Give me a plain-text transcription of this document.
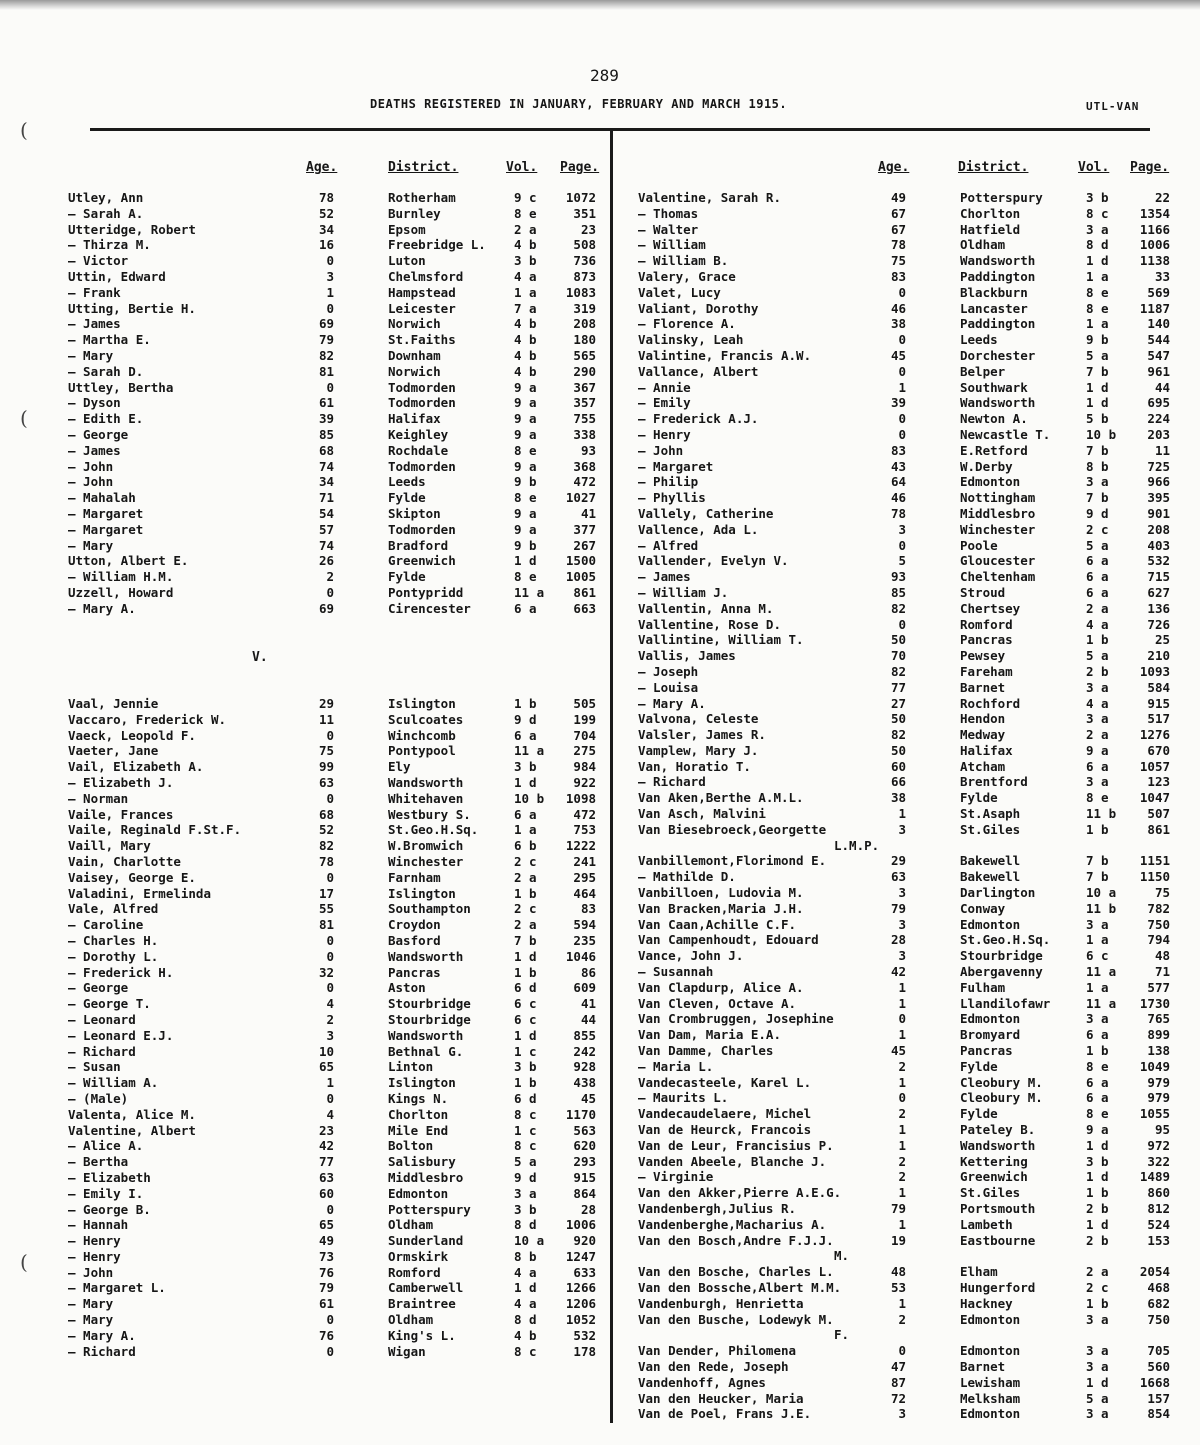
289
DEATHS REGISTERED IN JANUARY, FEBRUARY AND MARCH 1915.	UTL-VAN
(
(
(
Age.	District.	Vol. Page.
Utley, Ann	78	Rotherham	9 c	1072
— Sarah A.	52	Burnley	8 e	351
Utteridge, Robert	34	Epsom	2 a	23
— Thirza M.	16	Freebridge L. 4 b	508
— Victor	0	Luton	3 b	736
Uttin, Edward	3	Chelmsford	4 a	873
— Frank	1	Hampstead	1 a	1083
Utting, Bertie H.	0	Leicester	7 a	319
— James	69	Norwich	4 b	208
— Martha E.	79	St.Faiths	4 b	180
— Mary	82	Downham	4 b	565
— Sarah D.	81	Norwich	4 b	290
Uttley, Bertha	0	Todmorden	9 a	367
— Dyson	61	Todmorden	9 a	357
— Edith E.	39	Halifax	9 a	755
— George	85	Keighley	9 a	338
— James	68	Rochdale	8 e	93
— John	74	Todmorden	9 a	368
— John	34	Leeds	9 b	472
— Mahalah	71	Fylde	8 e	1027
— Margaret	54	Skipton	9 a	41
— Margaret	57	Todmorden	9 a	377
— Mary	74	Bradford	9 b	267
Utton, Albert E.	26	Greenwich	1 d	1500
— William H.M.	2	Fylde	8 e	1005
Uzzell, Howard	0	Pontypridd	11 a	861
— Mary A.	69	Cirencester	6 a	663
V.
Vaal, Jennie	29	Islington	1 b	505
Vaccaro, Frederick W.	11	Sculcoates	9 d	199
Vaeck, Leopold F.	0	Winchcomb	6 a	704
Vaeter, Jane	75	Pontypool	11 a	275
Vail, Elizabeth A.	99	Ely	3 b	984
— Elizabeth J.	63	Wandsworth	1 d	922
— Norman	0	Whitehaven	10 b	1098
Vaile, Frances	68	Westbury S.	6 a	472
Vaile, Reginald F.St.F.	52	St.Geo.H.Sq.	1 a	753
Vaill, Mary	82	W.Bromwich	6 b	1222
Vain, Charlotte	78	Winchester	2 c	241
Vaisey, George E.	0	Farnham	2 a	295
Valadini, Ermelinda	17	Islington	1 b	464
Vale, Alfred	55	Southampton	2 c	83
— Caroline	81	Croydon	2 a	594
— Charles H.	0	Basford	7 b	235
— Dorothy L.	0	Wandsworth	1 d	1046
— Frederick H.	32	Pancras	1 b	86
— George	0	Aston	6 d	609
— George T.	4	Stourbridge	6 c	41
— Leonard	2	Stourbridge	6 c	44
— Leonard E.J.	3	Wandsworth	1 d	855
— Richard	10	Bethnal G.	1 c	242
— Susan	65	Linton	3 b	928
— William A.	1	Islington	1 b	438
— (Male)	0	Kings N.	6 d	45
Valenta, Alice M.	4	Chorlton	8 c	1170
Valentine, Albert	23	Mile End	1 c	563
— Alice A.	42	Bolton	8 c	620
— Bertha	77	Salisbury	5 a	293
— Elizabeth	63	Middlesbro	9 d	915
— Emily I.	60	Edmonton	3 a	864
— George B.	0	Potterspury	3 b	28
— Hannah	65	Oldham	8 d	1006
— Henry	49	Sunderland	10 a	920
— Henry	73	Ormskirk	8 b	1247
— John	76	Romford	4 a	633
— Margaret L.	79	Camberwell	1 d	1266
— Mary	61	Braintree	4 a	1206
— Mary	0	Oldham	8 d	1052
— Mary A.	76	King's L.	4 b	532
— Richard	0	Wigan	8 c	178
Age.	District.	Vol. Page.
Valentine, Sarah R.	49	Potterspury	3 b	22
— Thomas	67	Chorlton	8 c	1354
— Walter	67	Hatfield	3 a	1166
— William	78	Oldham	8 d	1006
— William B.	75	Wandsworth	1 d	1138
Valery, Grace	83	Paddington	1 a	33
Valet, Lucy	0	Blackburn	8 e	569
Valiant, Dorothy	46	Lancaster	8 e	1187
— Florence A.	38	Paddington	1 a	140
Valinsky, Leah	0	Leeds	9 b	544
Valintine, Francis A.W.	45	Dorchester	5 a	547
Vallance, Albert	0	Belper	7 b	961
— Annie	1	Southwark	1 d	44
— Emily	39	Wandsworth	1 d	695
— Frederick A.J.	0	Newton A.	5 b	224
— Henry	0	Newcastle T.	10 b	203
— John	83	E.Retford	7 b	11
— Margaret	43	W.Derby	8 b	725
— Philip	64	Edmonton	3 a	966
— Phyllis	46	Nottingham	7 b	395
Vallely, Catherine	78	Middlesbro	9 d	901
Vallence, Ada L.	3	Winchester	2 c	208
— Alfred	0	Poole	5 a	403
Vallender, Evelyn V.	5	Gloucester	6 a	532
— James	93	Cheltenham	6 a	715
— William J.	85	Stroud	6 a	627
Vallentin, Anna M.	82	Chertsey	2 a	136
Vallentine, Rose D.	0	Romford	4 a	726
Vallintine, William T.	50	Pancras	1 b	25
Vallis, James	70	Pewsey	5 a	210
— Joseph	82	Fareham	2 b	1093
— Louisa	77	Barnet	3 a	584
— Mary A.	27	Rochford	4 a	915
Valvona, Celeste	50	Hendon	3 a	517
Valsler, James R.	82	Medway	2 a	1276
Vamplew, Mary J.	50	Halifax	9 a	670
Van, Horatio T.	60	Atcham	6 a	1057
— Richard	66	Brentford	3 a	123
Van Aken,Berthe A.M.L.	38	Fylde	8 e	1047
Van Asch, Malvini	1	St.Asaph	11 b	507
Van Biesebroeck,Georgette	3	St.Giles	1 b	861
L.M.P.
Vanbillemont,Florimond E.	29	Bakewell	7 b	1151
— Mathilde D.	63	Bakewell	7 b	1150
Vanbilloen, Ludovia M.	3	Darlington	10 a	75
Van Bracken,Maria J.H.	79	Conway	11 b	782
Van Caan,Achille C.F.	3	Edmonton	3 a	750
Van Campenhoudt, Edouard	28	St.Geo.H.Sq.	1 a	794
Vance, John J.	3	Stourbridge	6 c	48
— Susannah	42	Abergavenny	11 a	71
Van Clapdurp, Alice A.	1	Fulham	1 a	577
Van Cleven, Octave A.	1	Llandilofawr	11 a	1730
Van Crombruggen, Josephine	0	Edmonton	3 a	765
Van Dam, Maria E.A.	1	Bromyard	6 a	899
Van Damme, Charles	45	Pancras	1 b	138
— Maria L.	2	Fylde	8 e	1049
Vandecasteele, Karel L.	1	Cleobury M.	6 a	979
— Maurits L.	0	Cleobury M.	6 a	979
Vandecaudelaere, Michel	2	Fylde	8 e	1055
Van de Heurck, Francois	1	Pateley B.	9 a	95
Van de Leur, Francisius P.	1	Wandsworth	1 d	972
Vanden Abeele, Blanche J.	2	Kettering	3 b	322
— Virginie	2	Greenwich	1 d	1489
Van den Akker,Pierre A.E.G.	1	St.Giles	1 b	860
Vandenbergh,Julius R.	79	Portsmouth	2 b	812
Vandenberghe,Macharius A.	1	Lambeth	1 d	524
Van den Bosch,Andre F.J.J.	19	Eastbourne	2 b	153
M.
Van den Bosche, Charles L.	48	Elham	2 a	2054
Van den Bossche,Albert M.M.	53	Hungerford	2 c	468
Vandenburgh, Henrietta	1	Hackney	1 b	682
Van den Busche, Lodewyk M.	2	Edmonton	3 a	750
F.
Van Dender, Philomena	0	Edmonton	3 a	705
Van den Rede, Joseph	47	Barnet	3 a	560
Vandenhoff, Agnes	87	Lewisham	1 d	1668
Van den Heucker, Maria	72	Melksham	5 a	157
Van de Poel, Frans J.E.	3	Edmonton	3 a	854
